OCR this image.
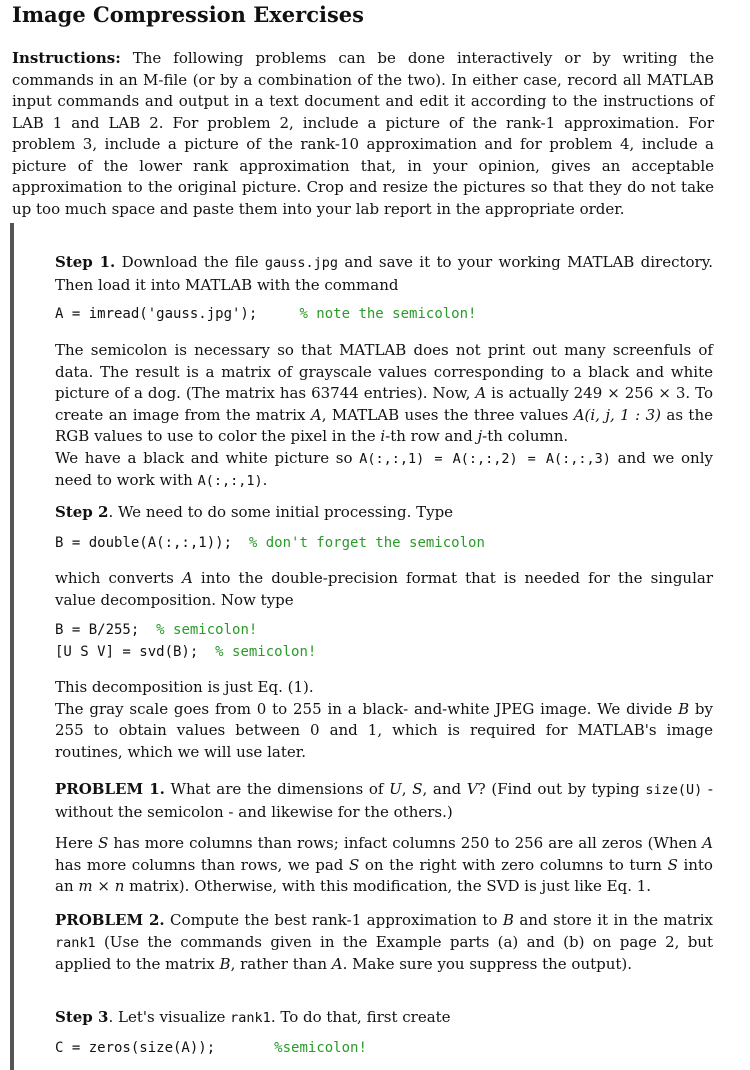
Image Compression Exercises

Instructions: The following problems can be done interactively or by writing the commands in an M-file (or by a combination of the two). In either case, record all MATLAB input commands and output in a text document and edit it according to the instructions of LAB 1 and LAB 2. For problem 2, include a picture of the rank-1 approximation. For problem 3, include a picture of the rank-10 approximation and for problem 4, include a picture of the lower rank approximation that, in your opinion, gives an acceptable approximation to the original picture. Crop and resize the pictures so that they do not take up too much space and paste them into your lab report in the appropriate order.

Step 1. Download the file gauss.jpg and save it to your working MATLAB directory. Then load it into MATLAB with the command

A = imread('gauss.jpg');	% note the semicolon!

The semicolon is necessary so that MATLAB does not print out many screenfuls of data. The result is a matrix of grayscale values corresponding to a black and white picture of a dog. (The matrix has 63744 entries). Now, A is actually 249 × 256 × 3. To create an image from the matrix A, MATLAB uses the three values A(i, j, 1 : 3) as the RGB values to use to color the pixel in the i-th row and j-th column.
We have a black and white picture so A(:,:,1) = A(:,:,2) = A(:,:,3) and we only need to work with A(:,:,1).

Step 2. We need to do some initial processing. Type

B = double(A(:,:,1)); % don't forget the semicolon

which converts A into the double-precision format that is needed for the singular value decomposition. Now type

B = B/255; % semicolon!
[U S V] = svd(B); % semicolon!

This decomposition is just Eq. (1).
The gray scale goes from 0 to 255 in a black- and-white JPEG image. We divide B by 255 to obtain values between 0 and 1, which is required for MATLAB's image routines, which we will use later.

PROBLEM 1. What are the dimensions of U, S, and V? (Find out by typing size(U) - without the semicolon - and likewise for the others.)

Here S has more columns than rows; infact columns 250 to 256 are all zeros (When A has more columns than rows, we pad S on the right with zero columns to turn S into an m × n matrix). Otherwise, with this modification, the SVD is just like Eq. 1.

PROBLEM 2. Compute the best rank-1 approximation to B and store it in the matrix rank1 (Use the commands given in the Example parts (a) and (b) on page 2, but applied to the matrix B, rather than A. Make sure you suppress the output).

Step 3. Let's visualize rank1. To do that, first create

C = zeros(size(A));	%semicolon!
